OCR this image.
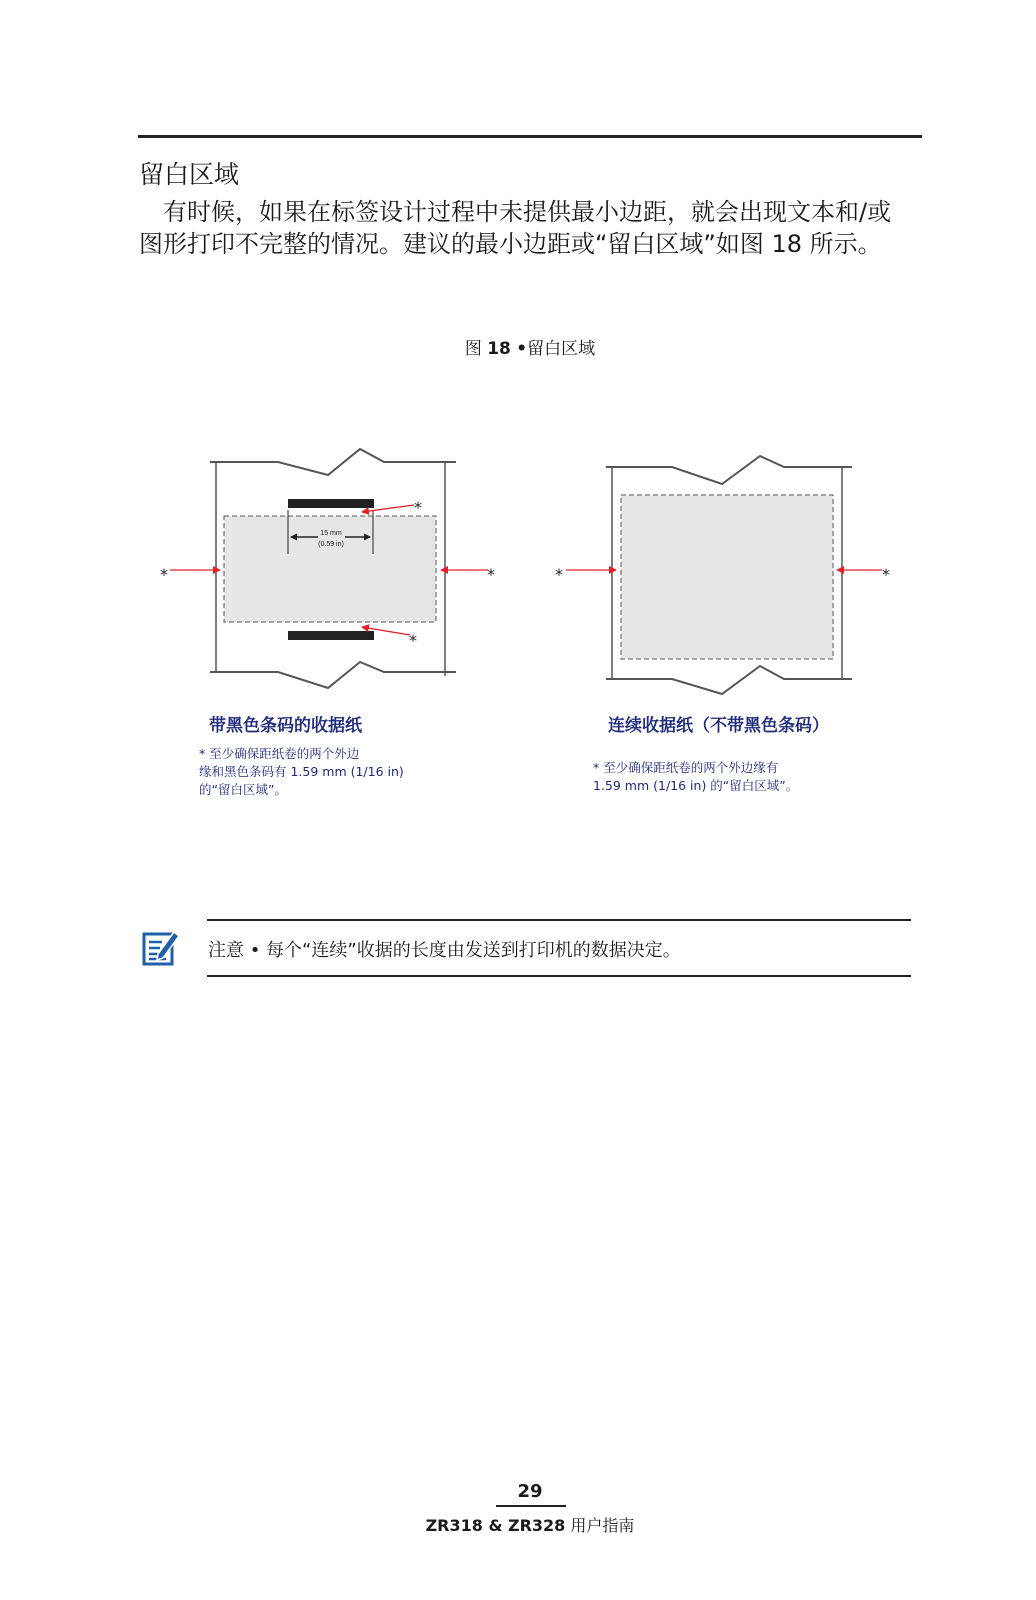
留白区域

有时候，如果在标签设计过程中未提供最小边距，就会出现文本和/或图形打印不完整的情况。建议的最小边距或“留白区域”如图 18 所示。

图 18 •留白区域
15 mm
(0.59 in)
*	*
*
*
*	*
带黑色条码的收据纸
* 至少确保距纸卷的两个外边
缘和黑色条码有 1.59 mm (1/16 in)
的“留白区域”。
连续收据纸（不带黑色条码）
* 至少确保距纸卷的两个外边缘有
1.59 mm (1/16 in) 的“留白区域”。
注意 • 每个“连续”收据的长度由发送到打印机的数据决定。
29
ZR318 & ZR328 用户指南
